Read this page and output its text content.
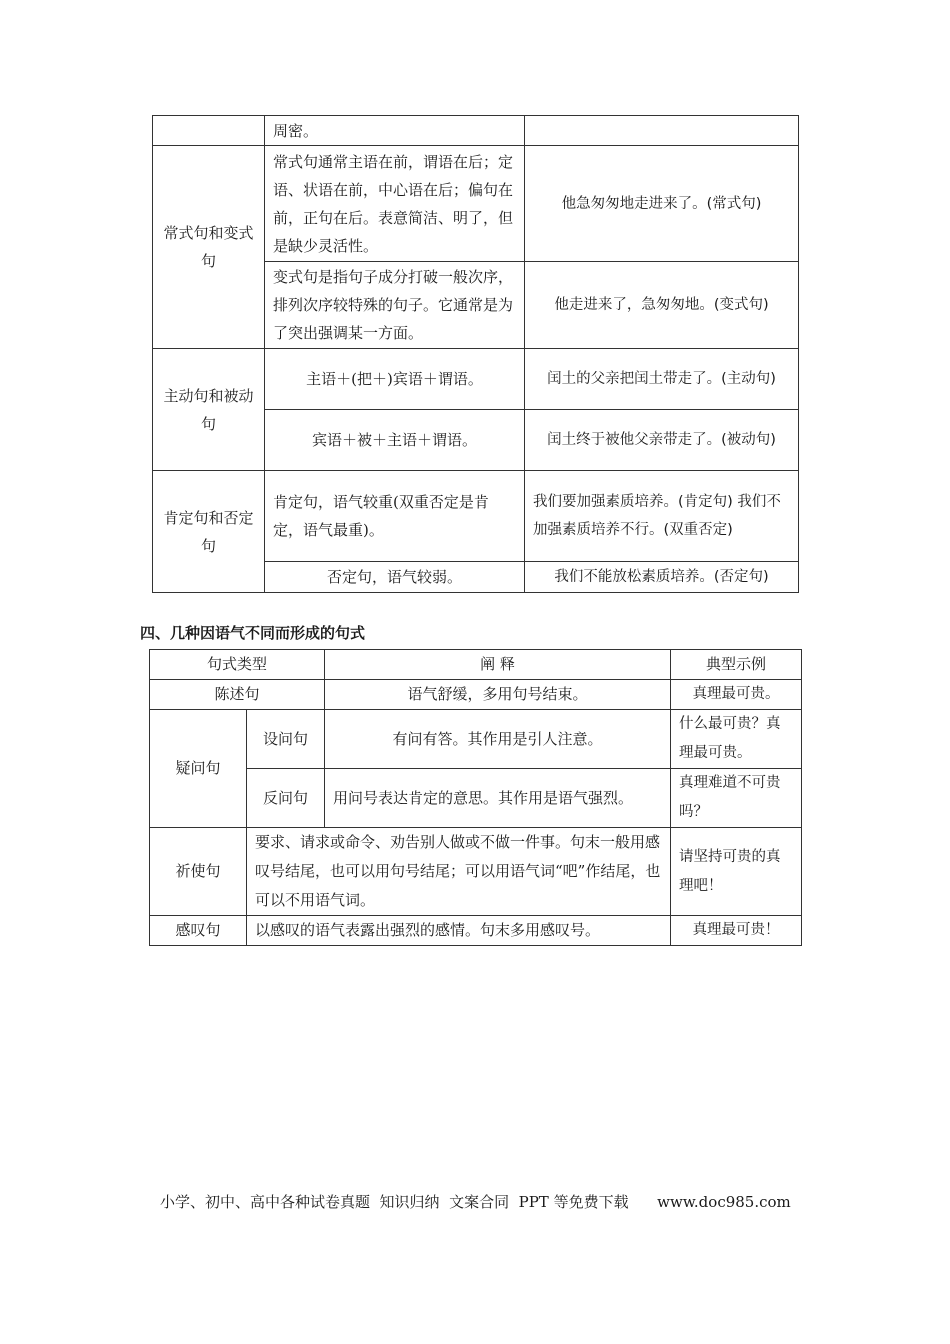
	周密。	
常式句和变式句	常式句通常主语在前，谓语在后；定语、状语在前，中心语在后；偏句在前，正句在后。表意简洁、明了，但是缺少灵活性。	他急匆匆地走进来了。(常式句)
	变式句是指句子成分打破一般次序，排列次序较特殊的句子。它通常是为了突出强调某一方面。	他走进来了，急匆匆地。(变式句)
主动句和被动句	主语＋(把＋)宾语＋谓语。	闰土的父亲把闰土带走了。(主动句)
	宾语＋被＋主语＋谓语。	闰土终于被他父亲带走了。(被动句)
肯定句和否定句	肯定句，语气较重(双重否定是肯定，语气最重)。	我们要加强素质培养。(肯定句) 我们不加强素质培养不行。(双重否定)
	否定句，语气较弱。	我们不能放松素质培养。(否定句)
四、几种因语气不同而形成的句式
句式类型		阐 释	典型示例
陈述句		语气舒缓，多用句号结束。	真理最可贵。
疑问句	设问句	有问有答。其作用是引人注意。	什么最可贵？真理最可贵。
	反问句	用问号表达肯定的意思。其作用是语气强烈。	真理难道不可贵吗？
祈使句	要求、请求或命令、劝告别人做或不做一件事。句末一般用感叹号结尾，也可以用句号结尾；可以用语气词“吧”作结尾，也可以不用语气词。		请坚持可贵的真理吧！
感叹句	以感叹的语气表露出强烈的感情。句末多用感叹号。		真理最可贵！
小学、初中、高中各种试卷真题  知识归纳  文案合同  PPT 等免费下载      www.doc985.com
